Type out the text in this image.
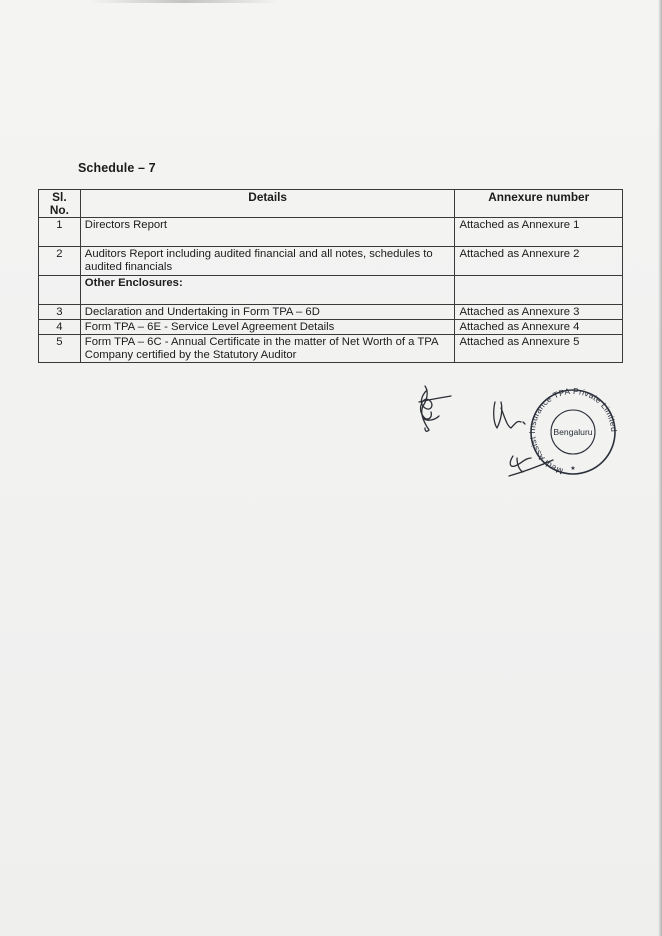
Schedule – 7
Sl. No.	Details	Annexure number
1	Directors Report	Attached as Annexure 1
2	Auditors Report including audited financial and all notes, schedules to audited financials	Attached as Annexure 2
	Other Enclosures:	
3	Declaration and Undertaking in Form TPA – 6D	Attached as Annexure 3
4	Form TPA – 6E - Service Level Agreement Details	Attached as Annexure 4
5	Form TPA – 6C - Annual Certificate in the matter of Net Worth of a TPA Company certified by the Statutory Auditor	Attached as Annexure 5
Medi Assist Insurance TPA Private Limited
Bengaluru
★
